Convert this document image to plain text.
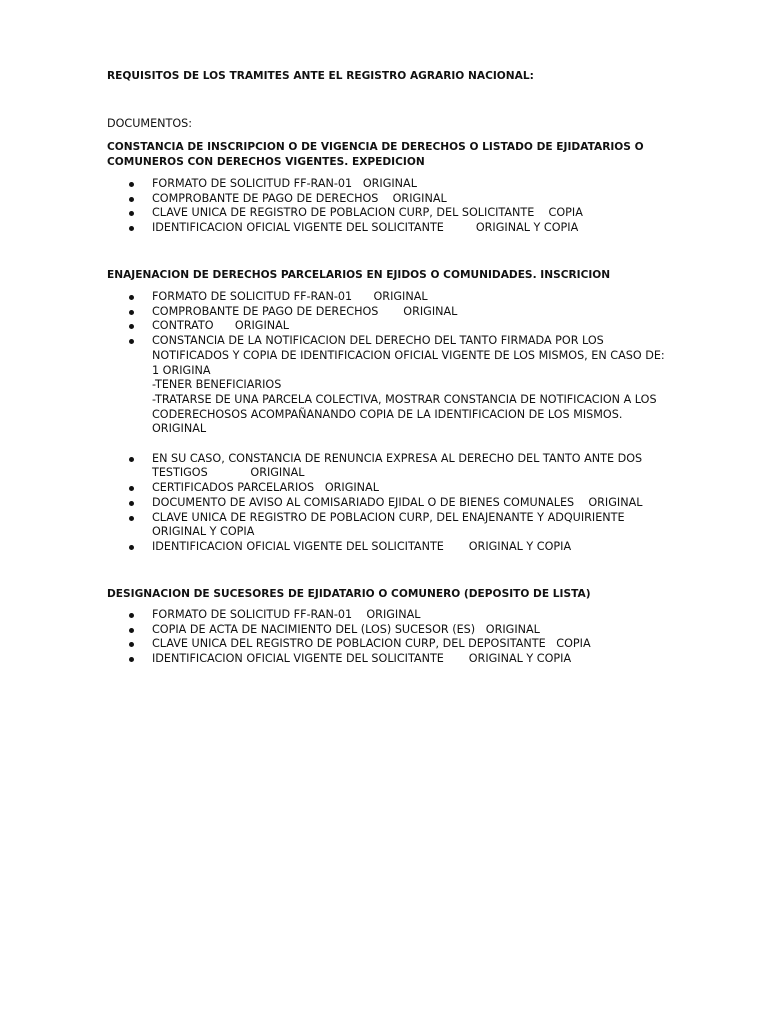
REQUISITOS DE LOS TRAMITES ANTE EL REGISTRO AGRARIO NACIONAL:
DOCUMENTOS:
CONSTANCIA DE INSCRIPCION O DE VIGENCIA DE DERECHOS O LISTADO DE EJIDATARIOS O COMUNEROS CON DERECHOS VIGENTES. EXPEDICION
FORMATO DE SOLICITUD FF-RAN-01   ORIGINAL
COMPROBANTE DE PAGO DE DERECHOS    ORIGINAL
CLAVE UNICA DE REGISTRO DE POBLACION CURP, DEL SOLICITANTE    COPIA
IDENTIFICACION OFICIAL VIGENTE DEL SOLICITANTE         ORIGINAL Y COPIA
ENAJENACION DE DERECHOS PARCELARIOS EN EJIDOS O COMUNIDADES. INSCRICION
FORMATO DE SOLICITUD FF-RAN-01      ORIGINAL
COMPROBANTE DE PAGO DE DERECHOS       ORIGINAL
CONTRATO      ORIGINAL
CONSTANCIA DE LA NOTIFICACION DEL DERECHO DEL TANTO FIRMADA POR LOS NOTIFICADOS Y COPIA DE IDENTIFICACION OFICIAL VIGENTE DE LOS MISMOS, EN CASO DE: 1 ORIGINA
-TENER BENEFICIARIOS
-TRATARSE DE UNA PARCELA COLECTIVA, MOSTRAR CONSTANCIA DE NOTIFICACION A LOS CODERECHOSOS ACOMPAÑANANDO COPIA DE LA IDENTIFICACION DE LOS MISMOS. ORIGINAL
EN SU CASO, CONSTANCIA DE RENUNCIA EXPRESA AL DERECHO DEL TANTO ANTE DOS TESTIGOS            ORIGINAL
CERTIFICADOS PARCELARIOS   ORIGINAL
DOCUMENTO DE AVISO AL COMISARIADO EJIDAL O DE BIENES COMUNALES    ORIGINAL
CLAVE UNICA DE REGISTRO DE POBLACION CURP, DEL ENAJENANTE Y ADQUIRIENTE ORIGINAL Y COPIA
IDENTIFICACION OFICIAL VIGENTE DEL SOLICITANTE       ORIGINAL Y COPIA
DESIGNACION DE SUCESORES DE EJIDATARIO O COMUNERO (DEPOSITO DE LISTA)
FORMATO DE SOLICITUD FF-RAN-01    ORIGINAL
COPIA DE ACTA DE NACIMIENTO DEL (LOS) SUCESOR (ES)   ORIGINAL
CLAVE UNICA DEL REGISTRO DE POBLACION CURP, DEL DEPOSITANTE   COPIA
IDENTIFICACION OFICIAL VIGENTE DEL SOLICITANTE       ORIGINAL Y COPIA
